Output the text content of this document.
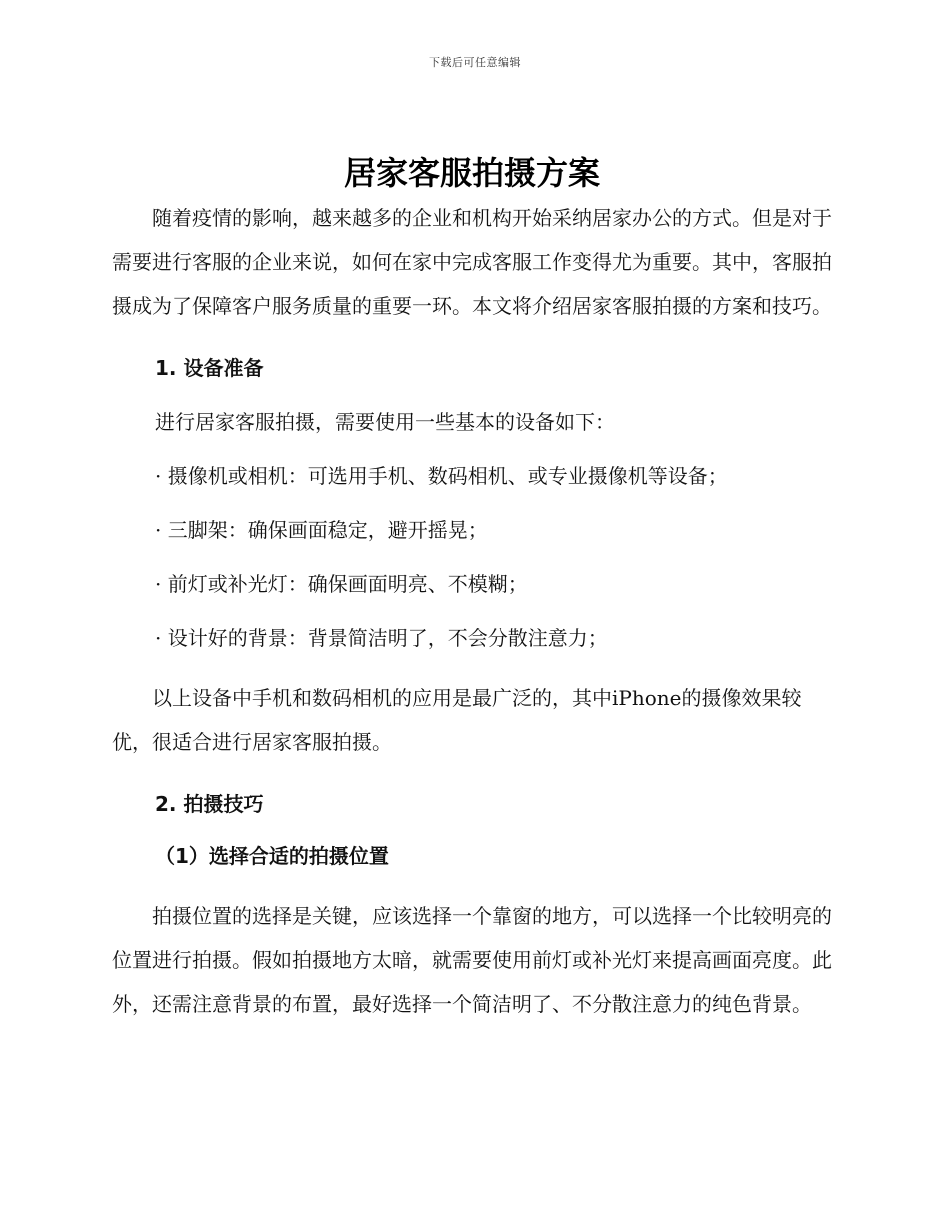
下载后可任意编辑
居家客服拍摄方案

随着疫情的影响，越来越多的企业和机构开始采纳居家办公的方式。但是对于需要进行客服的企业来说，如何在家中完成客服工作变得尤为重要。其中，客服拍摄成为了保障客户服务质量的重要一环。本文将介绍居家客服拍摄的方案和技巧。

1. 设备准备
进行居家客服拍摄，需要使用一些基本的设备如下：
· 摄像机或相机：可选用手机、数码相机、或专业摄像机等设备；
· 三脚架：确保画面稳定，避开摇晃；
· 前灯或补光灯：确保画面明亮、不模糊；
· 设计好的背景：背景简洁明了，不会分散注意力；

以上设备中手机和数码相机的应用是最广泛的，其中iPhone的摄像效果较优，很适合进行居家客服拍摄。

2. 拍摄技巧
（1）选择合适的拍摄位置

拍摄位置的选择是关键，应该选择一个靠窗的地方，可以选择一个比较明亮的位置进行拍摄。假如拍摄地方太暗，就需要使用前灯或补光灯来提高画面亮度。此外，还需注意背景的布置，最好选择一个简洁明了、不分散注意力的纯色背景。
